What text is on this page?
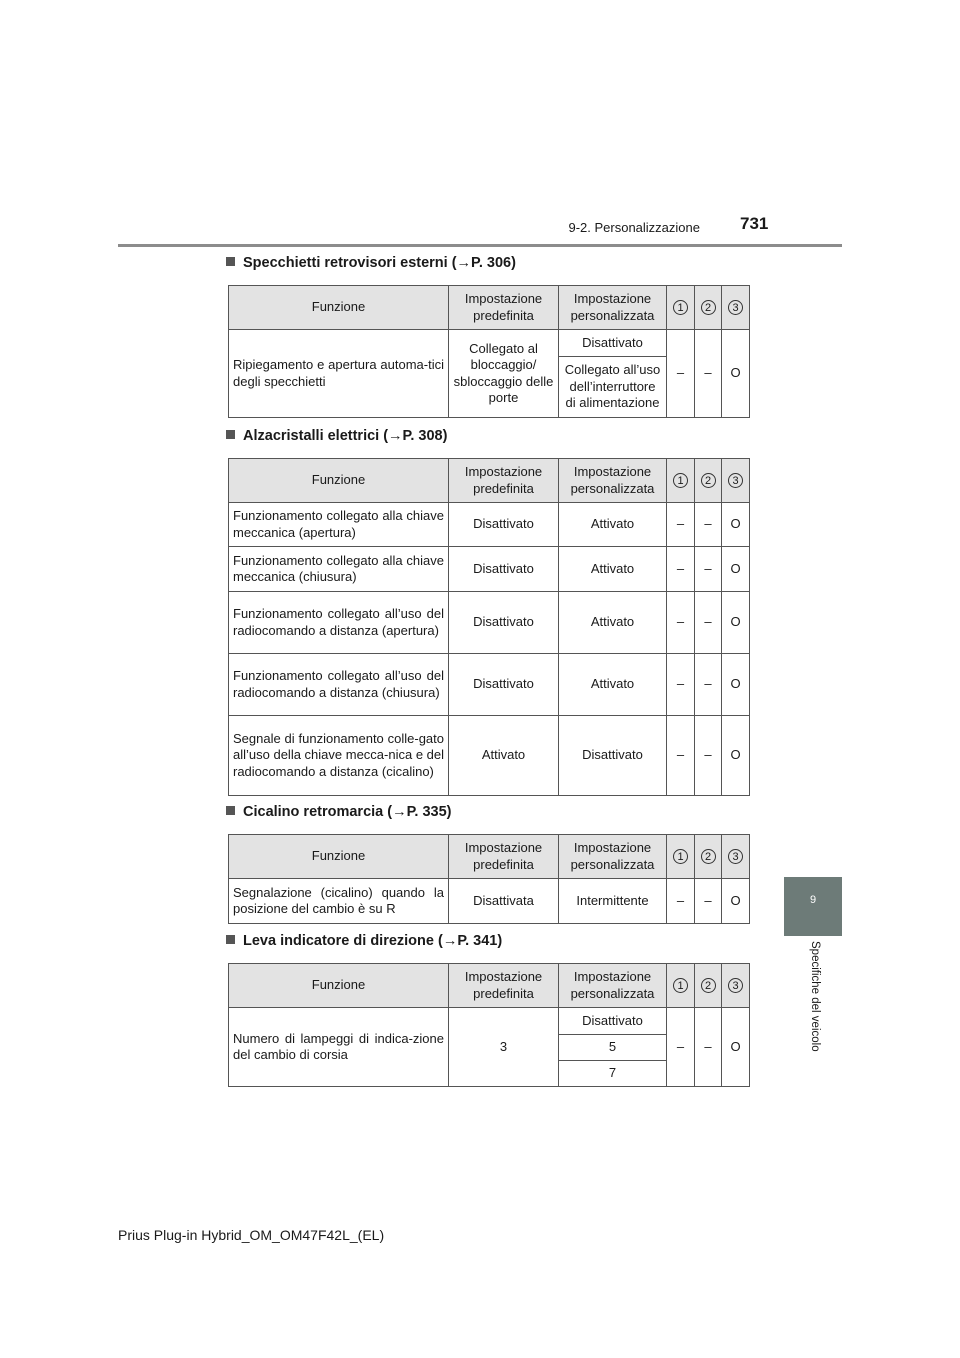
9-2. Personalizzazione 731
9
Specifiche del veicolo
Specchietti retrovisori esterni (→P. 306)
Funzione	Impostazione predefinita	Impostazione personalizzata	1	2	3
Ripiegamento e apertura automa-tici degli specchietti	Collegato al bloccaggio/ sbloccaggio delle porte	Disattivato	–	–	O
		Collegato all’uso dell’interruttore di alimentazione			
Alzacristalli elettrici (→P. 308)
Funzione	Impostazione predefinita	Impostazione personalizzata	1	2	3
Funzionamento collegato alla chiave meccanica (apertura)	Disattivato	Attivato	–	–	O
Funzionamento collegato alla chiave meccanica (chiusura)	Disattivato	Attivato	–	–	O
Funzionamento collegato all’uso del radiocomando a distanza (apertura)	Disattivato	Attivato	–	–	O
Funzionamento collegato all’uso del radiocomando a distanza (chiusura)	Disattivato	Attivato	–	–	O
Segnale di funzionamento colle-gato all’uso della chiave mecca-nica e del radiocomando a distanza (cicalino)	Attivato	Disattivato	–	–	O
Cicalino retromarcia (→P. 335)
Funzione	Impostazione predefinita	Impostazione personalizzata	1	2	3
Segnalazione (cicalino) quando la posizione del cambio è su R	Disattivata	Intermittente	–	–	O
Leva indicatore di direzione (→P. 341)
Funzione	Impostazione predefinita	Impostazione personalizzata	1	2	3
Numero di lampeggi di indica-zione del cambio di corsia	3	Disattivato	–	–	O
		5			
		7			
Prius Plug-in Hybrid_OM_OM47F42L_(EL)
